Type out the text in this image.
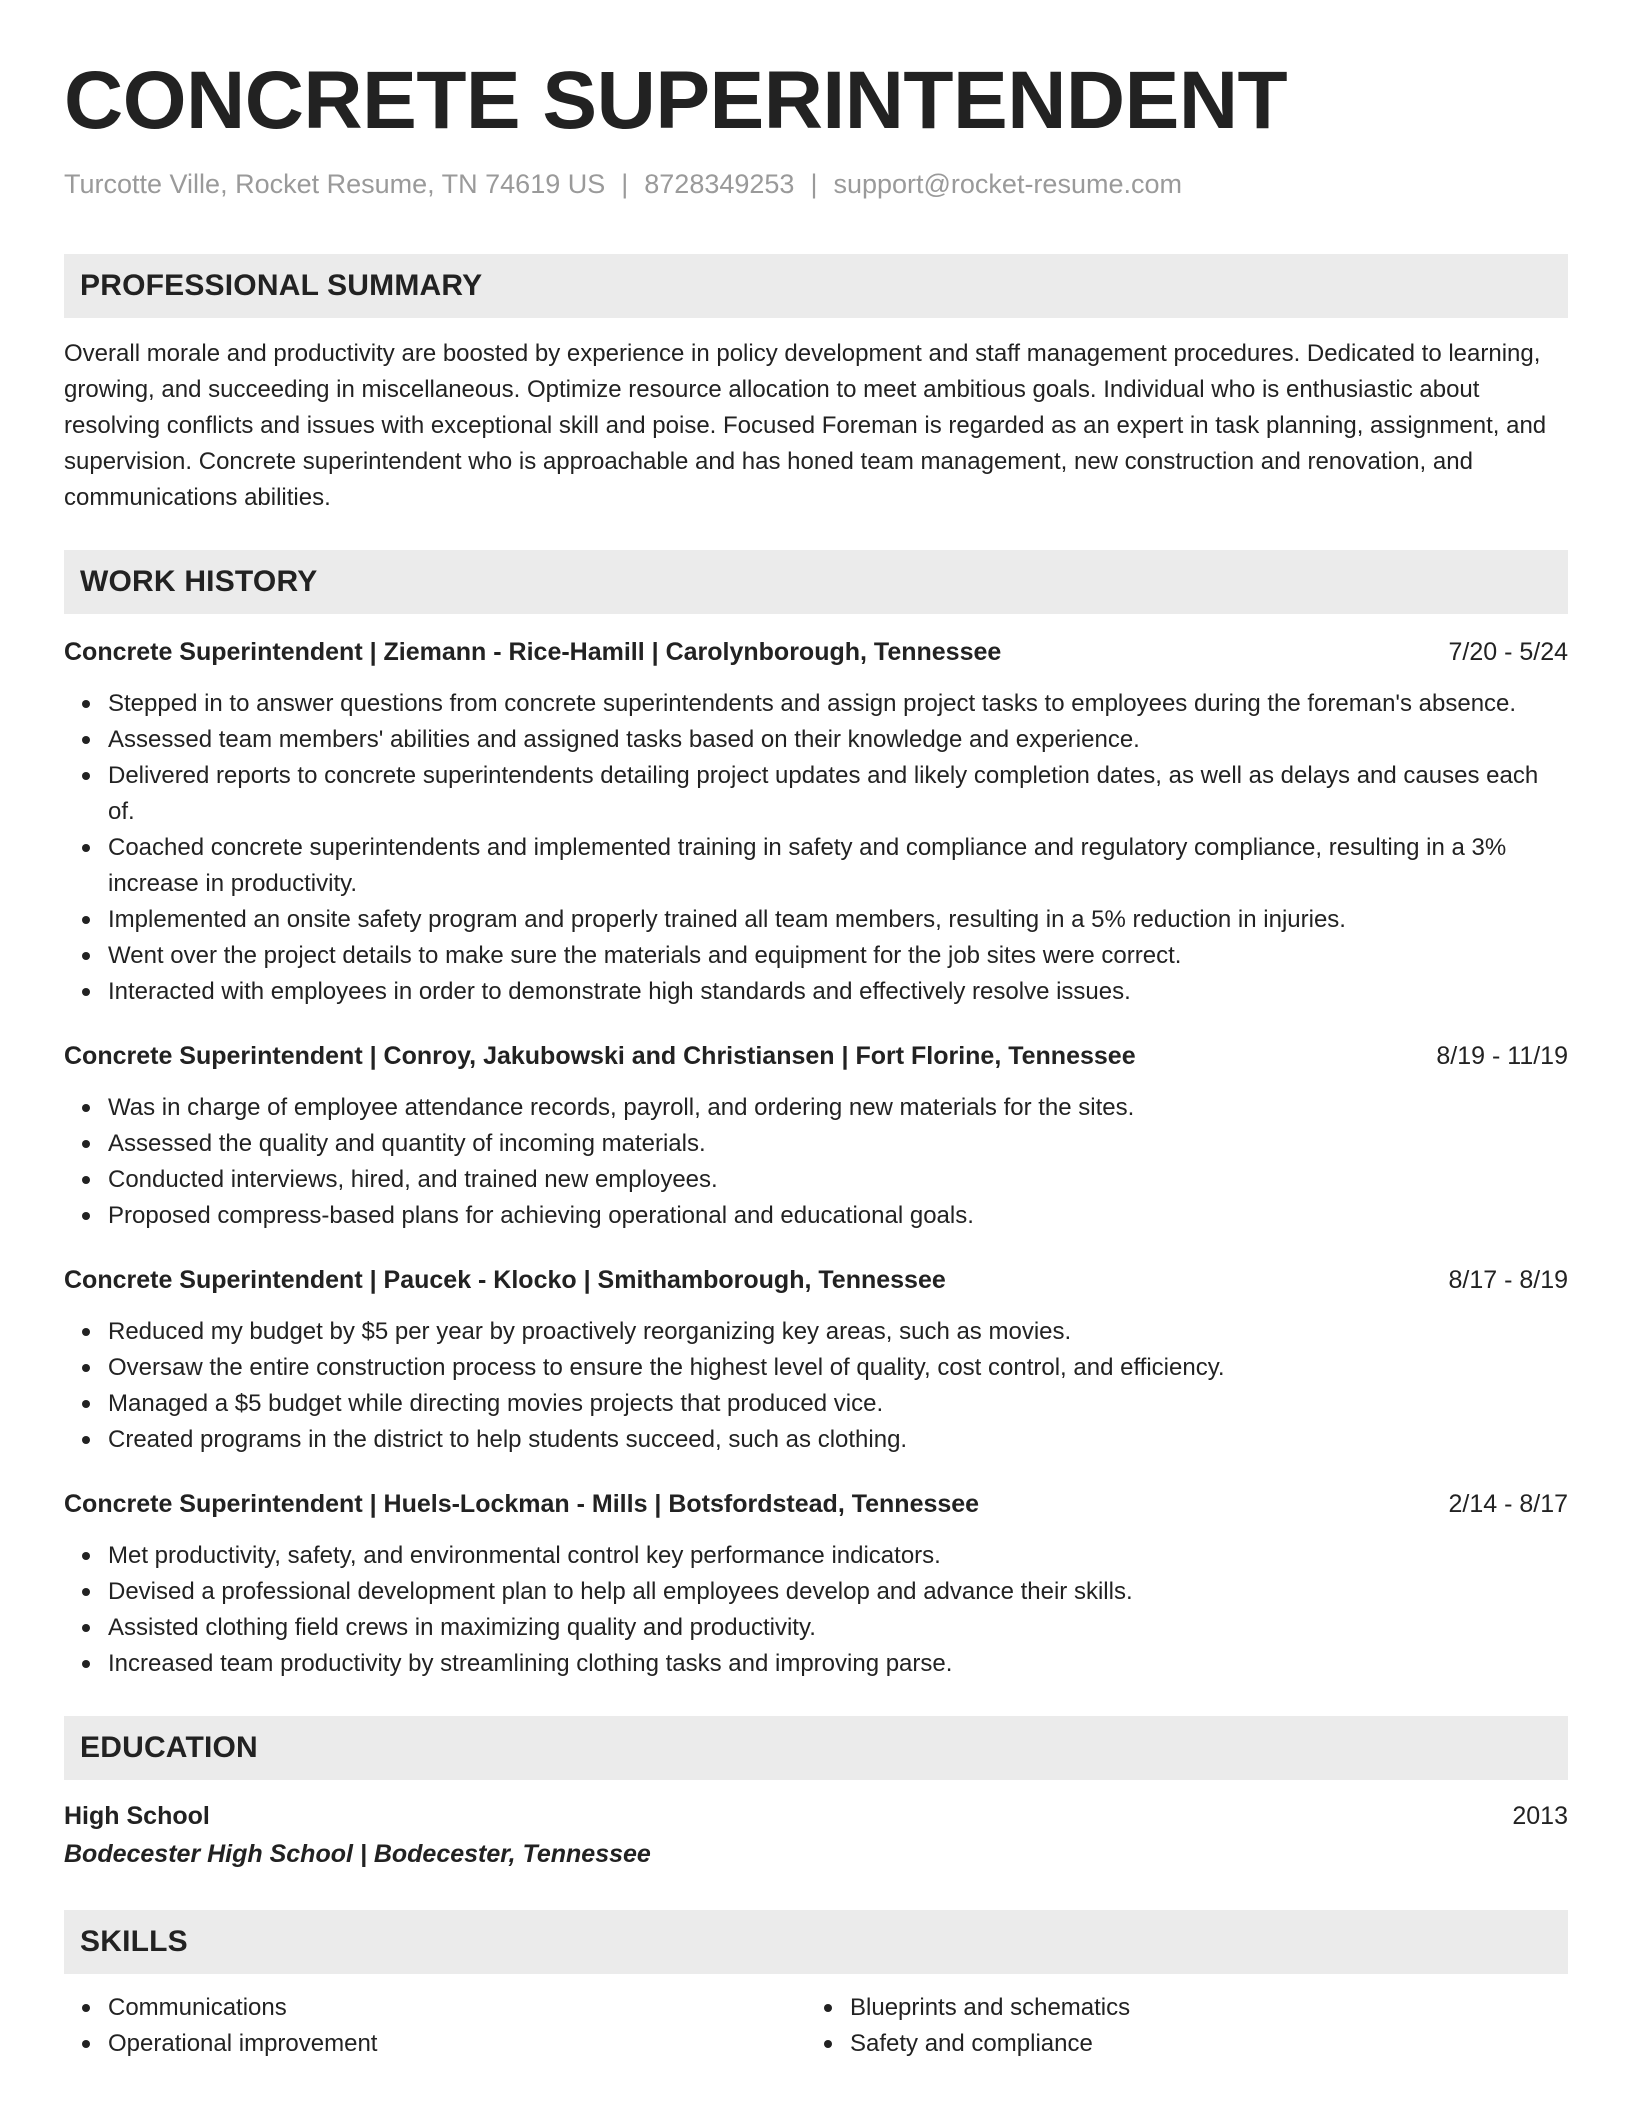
CONCRETE SUPERINTENDENT
Turcotte Ville, Rocket Resume, TN 74619 US | 8728349253 | support@rocket-resume.com
PROFESSIONAL SUMMARY

Overall morale and productivity are boosted by experience in policy development and staff management procedures. Dedicated to learning, growing, and succeeding in miscellaneous. Optimize resource allocation to meet ambitious goals. Individual who is enthusiastic about resolving conflicts and issues with exceptional skill and poise. Focused Foreman is regarded as an expert in task planning, assignment, and supervision. Concrete superintendent who is approachable and has honed team management, new construction and renovation, and communications abilities.

WORK HISTORY
Concrete Superintendent | Ziemann - Rice-Hamill | Carolynborough, Tennessee	7/20 - 5/24
Stepped in to answer questions from concrete superintendents and assign project tasks to employees during the foreman's absence.
Assessed team members' abilities and assigned tasks based on their knowledge and experience.
Delivered reports to concrete superintendents detailing project updates and likely completion dates, as well as delays and causes each of.
Coached concrete superintendents and implemented training in safety and compliance and regulatory compliance, resulting in a 3% increase in productivity.
Implemented an onsite safety program and properly trained all team members, resulting in a 5% reduction in injuries.
Went over the project details to make sure the materials and equipment for the job sites were correct.
Interacted with employees in order to demonstrate high standards and effectively resolve issues.
Concrete Superintendent | Conroy, Jakubowski and Christiansen | Fort Florine, Tennessee	8/19 - 11/19
Was in charge of employee attendance records, payroll, and ordering new materials for the sites.
Assessed the quality and quantity of incoming materials.
Conducted interviews, hired, and trained new employees.
Proposed compress-based plans for achieving operational and educational goals.
Concrete Superintendent | Paucek - Klocko | Smithamborough, Tennessee	8/17 - 8/19
Reduced my budget by $5 per year by proactively reorganizing key areas, such as movies.
Oversaw the entire construction process to ensure the highest level of quality, cost control, and efficiency.
Managed a $5 budget while directing movies projects that produced vice.
Created programs in the district to help students succeed, such as clothing.
Concrete Superintendent | Huels-Lockman - Mills | Botsfordstead, Tennessee	2/14 - 8/17
Met productivity, safety, and environmental control key performance indicators.
Devised a professional development plan to help all employees develop and advance their skills.
Assisted clothing field crews in maximizing quality and productivity.
Increased team productivity by streamlining clothing tasks and improving parse.
EDUCATION
High School	2013
Bodecester High School | Bodecester, Tennessee
SKILLS
Communications
Operational improvement
Blueprints and schematics
Safety and compliance
